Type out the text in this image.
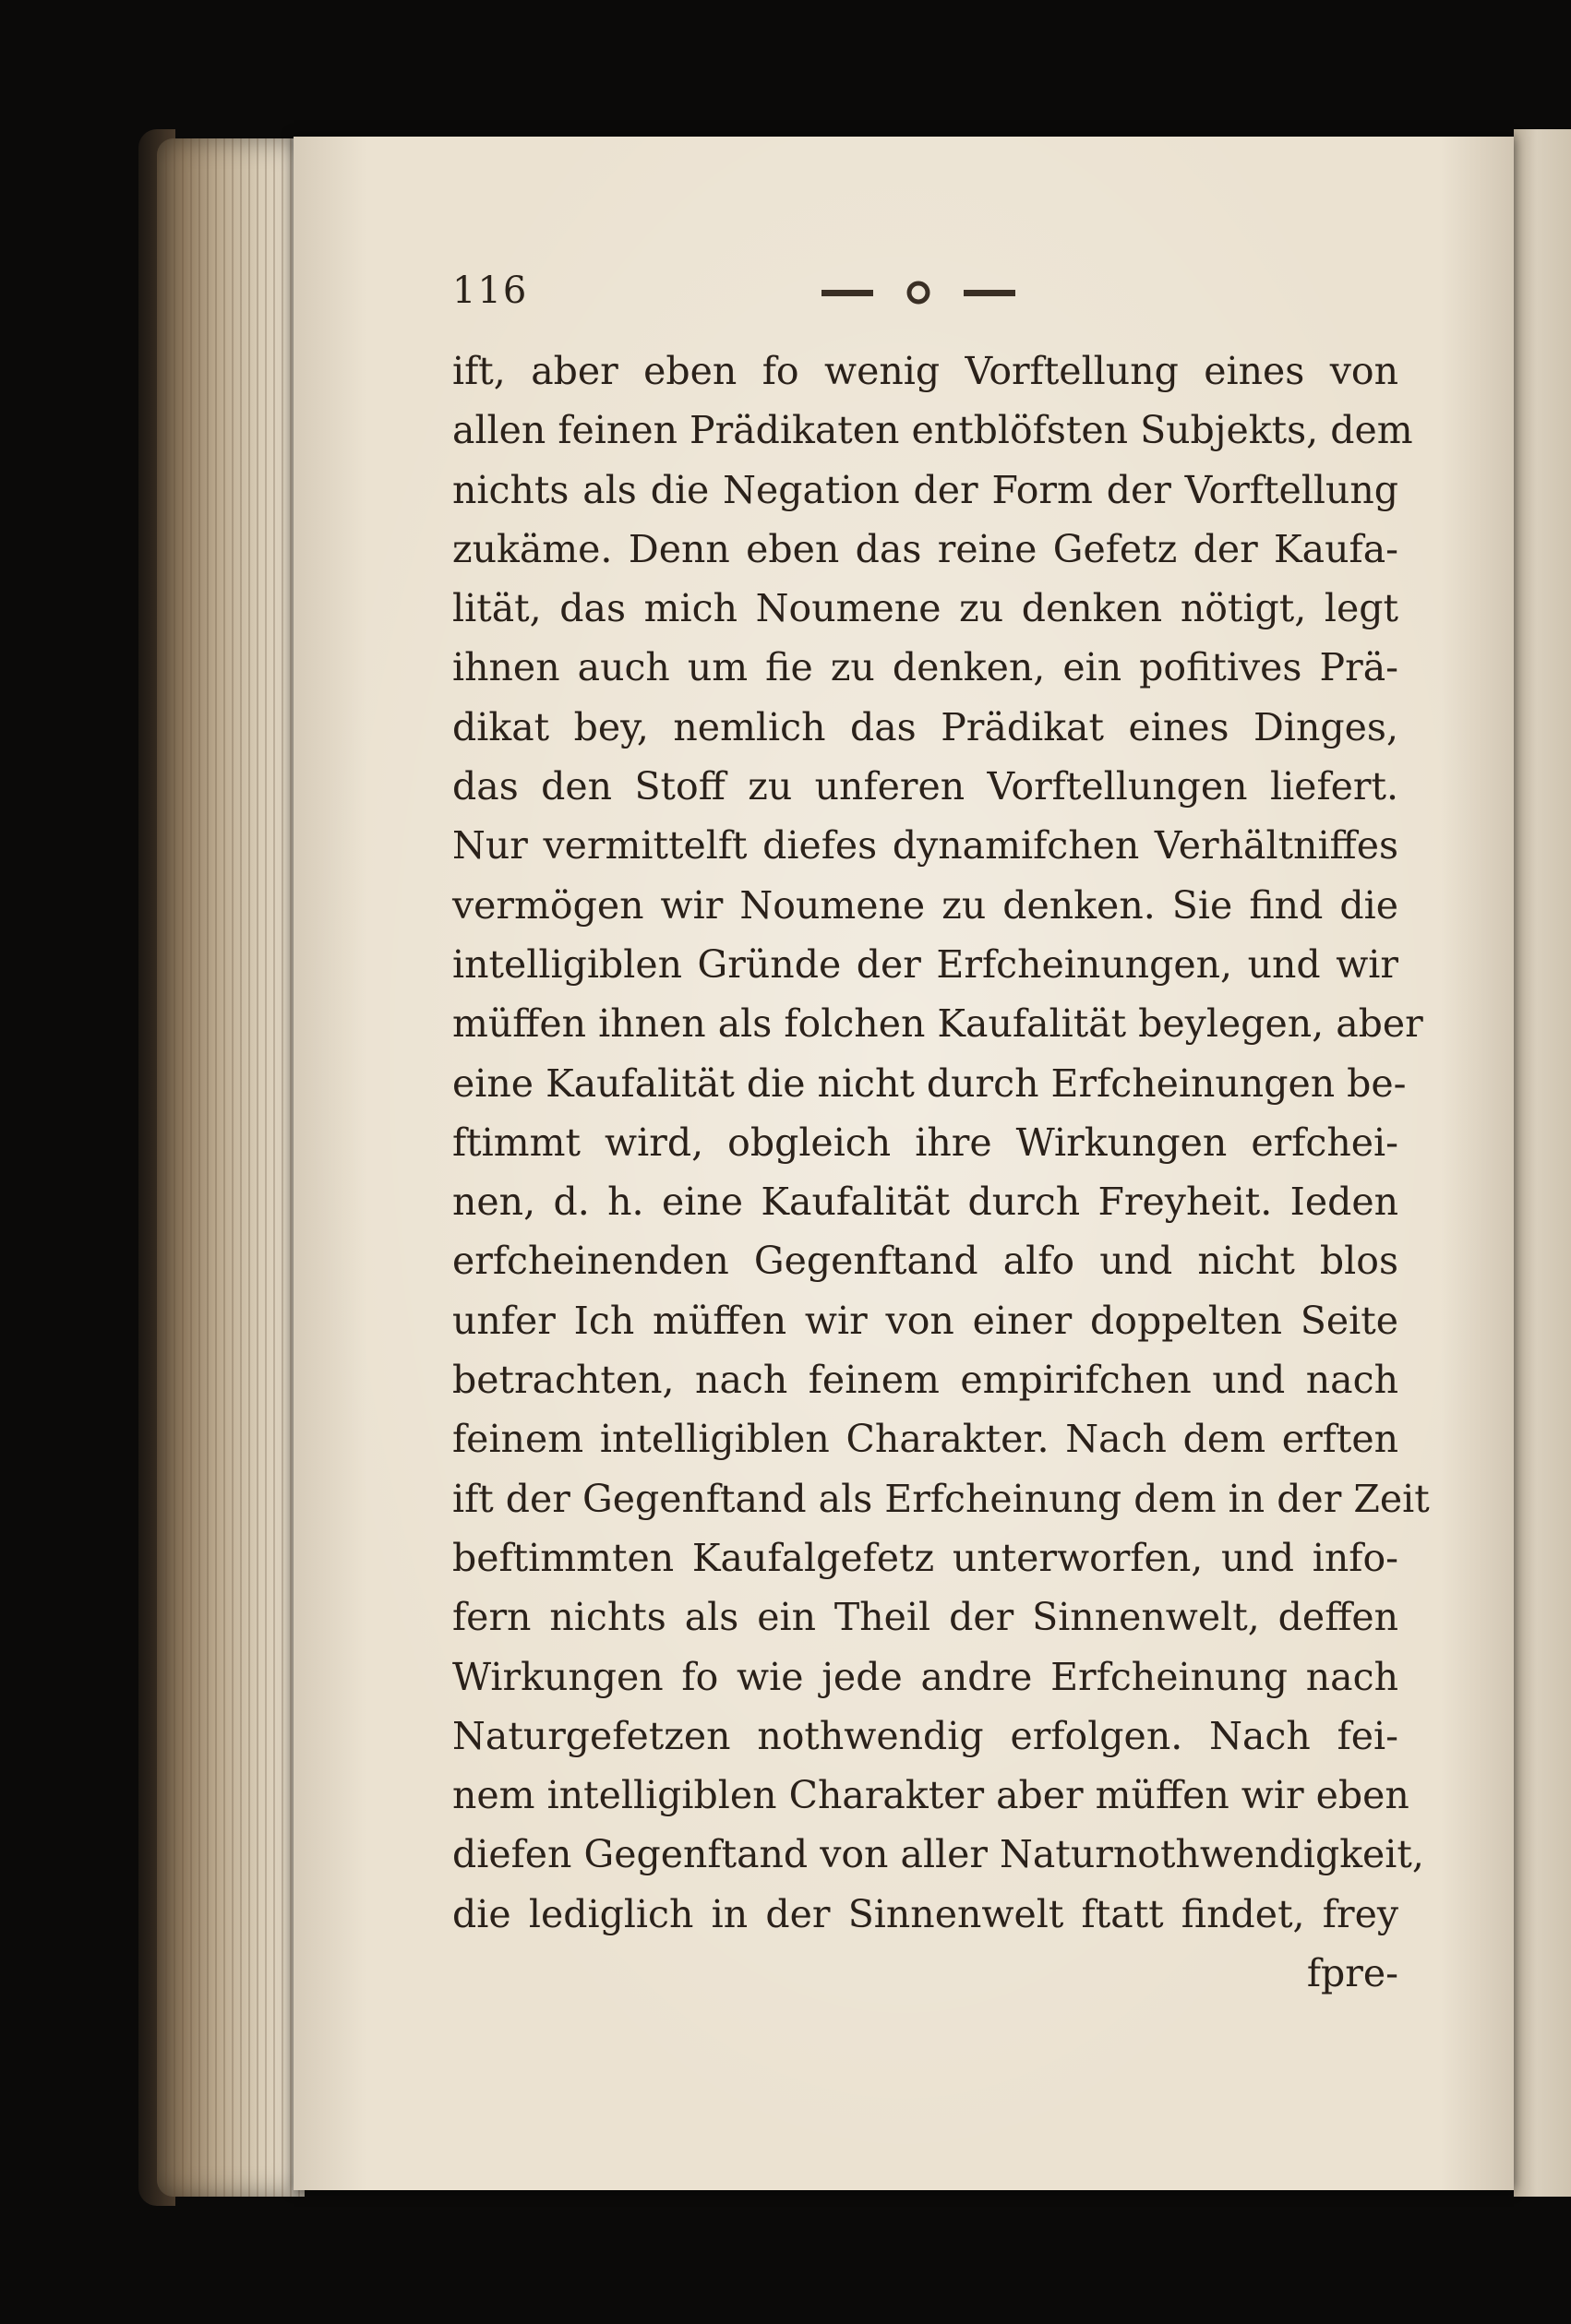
116
ift, aber eben fo wenig Vorftellung eines von
allen feinen Prädikaten entblöfsten Subjekts, dem
nichts als die Negation der Form der Vorftellung
zukäme. Denn eben das reine Gefetz der Kaufa-
lität, das mich Noumene zu denken nötigt, legt
ihnen auch um fie zu denken, ein pofitives Prä-
dikat bey, nemlich das Prädikat eines Dinges,
das den Stoff zu unferen Vorftellungen liefert.
Nur vermittelft diefes dynamifchen Verhältniffes
vermögen wir Noumene zu denken. Sie find die
intelligiblen Gründe der Erfcheinungen, und wir
müffen ihnen als folchen Kaufalität beylegen, aber
eine Kaufalität die nicht durch Erfcheinungen be-
ftimmt wird, obgleich ihre Wirkungen erfchei-
nen, d. h. eine Kaufalität durch Freyheit. Ieden
erfcheinenden Gegenftand alfo und nicht blos
unfer Ich müffen wir von einer doppelten Seite
betrachten, nach feinem empirifchen und nach
feinem intelligiblen Charakter. Nach dem erften
ift der Gegenftand als Erfcheinung dem in der Zeit
beftimmten Kaufalgefetz unterworfen, und info-
fern nichts als ein Theil der Sinnenwelt, deffen
Wirkungen fo wie jede andre Erfcheinung nach
Naturgefetzen nothwendig erfolgen. Nach fei-
nem intelligiblen Charakter aber müffen wir eben
diefen Gegenftand von aller Naturnothwendigkeit,
die lediglich in der Sinnenwelt ftatt findet, frey
fpre-
